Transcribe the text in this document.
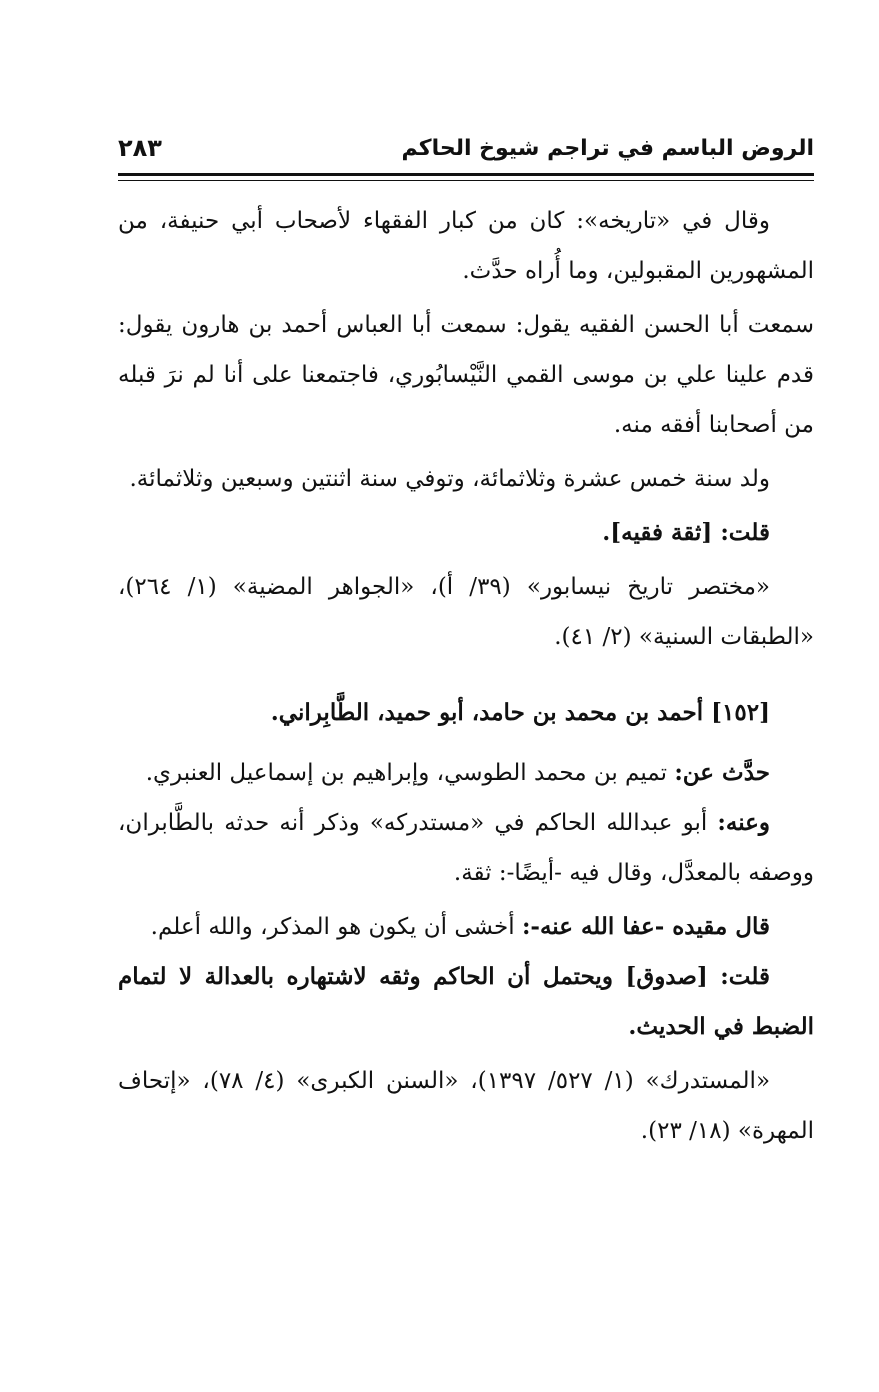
الروض الباسم في تراجم شيوخ الحاكم
٢٨٣

وقال في «تاريخه»: كان من كبار الفقهاء لأصحاب أبي حنيفة، من المشهورين المقبولين، وما أُراه حدَّث.

سمعت أبا الحسن الفقيه يقول: سمعت أبا العباس أحمد بن هارون يقول: قدم علينا علي بن موسى القمي النَّيْسابُوري، فاجتمعنا على أنا لم نرَ قبله من أصحابنا أفقه منه.

ولد سنة خمس عشرة وثلاثمائة، وتوفي سنة اثنتين وسبعين وثلاثمائة.

قلت: [ثقة فقيه].

«مختصر تاريخ نيسابور» (٣٩/ أ)، «الجواهر المضية» (١/ ٢٦٤)، «الطبقات السنية» (٢/ ٤١).

[١٥٢] أحمد بن محمد بن حامد، أبو حميد، الطَّابِراني.

حدَّث عن: تميم بن محمد الطوسي، وإبراهيم بن إسماعيل العنبري.

وعنه: أبو عبدالله الحاكم في «مستدركه» وذكر أنه حدثه بالطَّابران، ووصفه بالمعدَّل، وقال فيه -أيضًا-: ثقة.

قال مقيده -عفا الله عنه-: أخشى أن يكون هو المذكر، والله أعلم.

قلت: [صدوق] ويحتمل أن الحاكم وثقه لاشتهاره بالعدالة لا لتمام الضبط في الحديث.

«المستدرك» (١/ ٥٢٧/ ١٣٩٧)، «السنن الكبرى» (٤/ ٧٨)، «إتحاف المهرة» (١٨/ ٢٣).
